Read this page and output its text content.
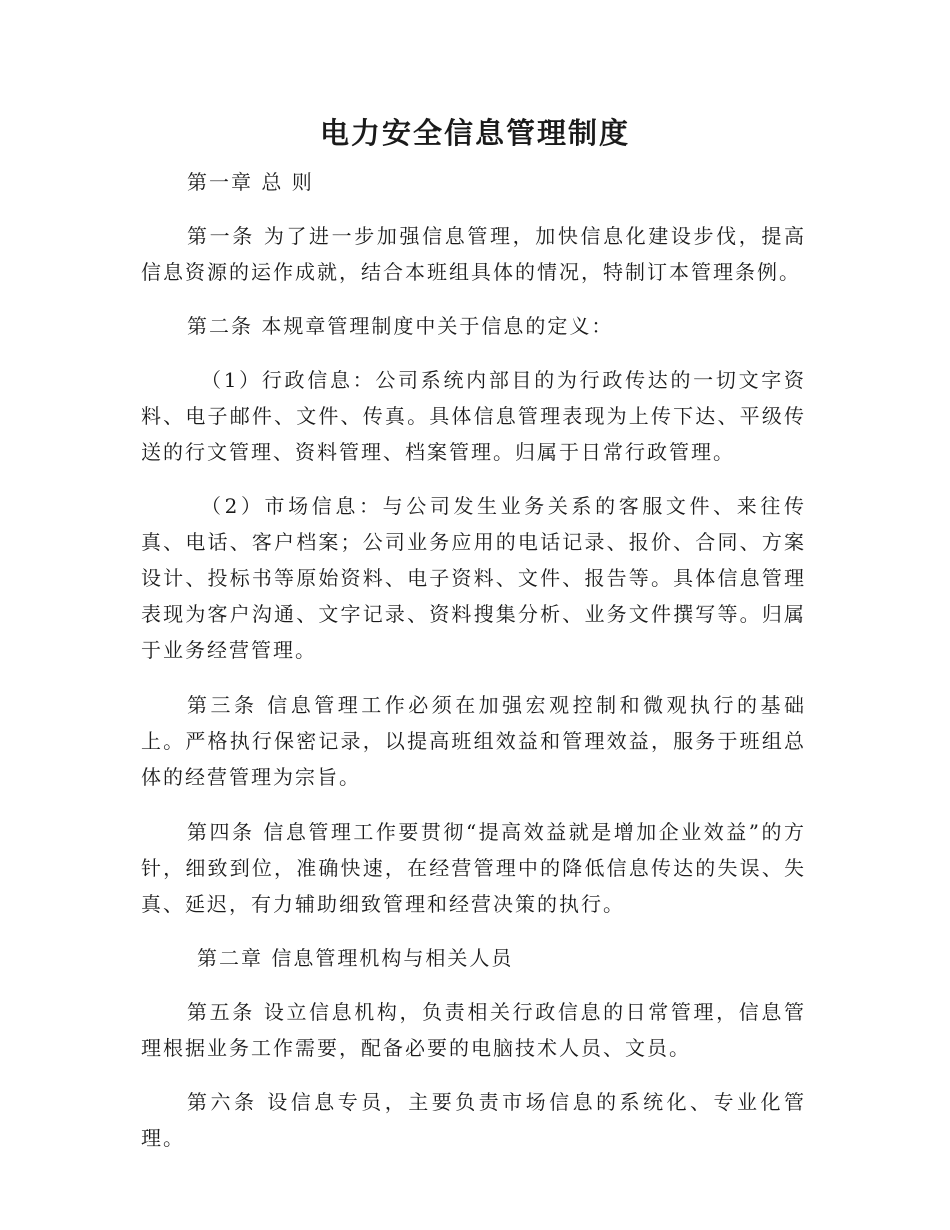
电力安全信息管理制度

第一章 总 则

第一条 为了进一步加强信息管理，加快信息化建设步伐，提高信息资源的运作成就，结合本班组具体的情况，特制订本管理条例。

第二条 本规章管理制度中关于信息的定义：

（1）行政信息：公司系统内部目的为行政传达的一切文字资料、电子邮件、文件、传真。具体信息管理表现为上传下达、平级传送的行文管理、资料管理、档案管理。归属于日常行政管理。

（2）市场信息：与公司发生业务关系的客服文件、来往传真、电话、客户档案；公司业务应用的电话记录、报价、合同、方案设计、投标书等原始资料、电子资料、文件、报告等。具体信息管理表现为客户沟通、文字记录、资料搜集分析、业务文件撰写等。归属于业务经营管理。

第三条 信息管理工作必须在加强宏观控制和微观执行的基础上。严格执行保密记录，以提高班组效益和管理效益，服务于班组总体的经营管理为宗旨。

第四条 信息管理工作要贯彻“提高效益就是增加企业效益”的方针，细致到位，准确快速，在经营管理中的降低信息传达的失误、失真、延迟，有力辅助细致管理和经营决策的执行。

第二章 信息管理机构与相关人员

第五条 设立信息机构，负责相关行政信息的日常管理，信息管理根据业务工作需要，配备必要的电脑技术人员、文员。

第六条 设信息专员，主要负责市场信息的系统化、专业化管理。
